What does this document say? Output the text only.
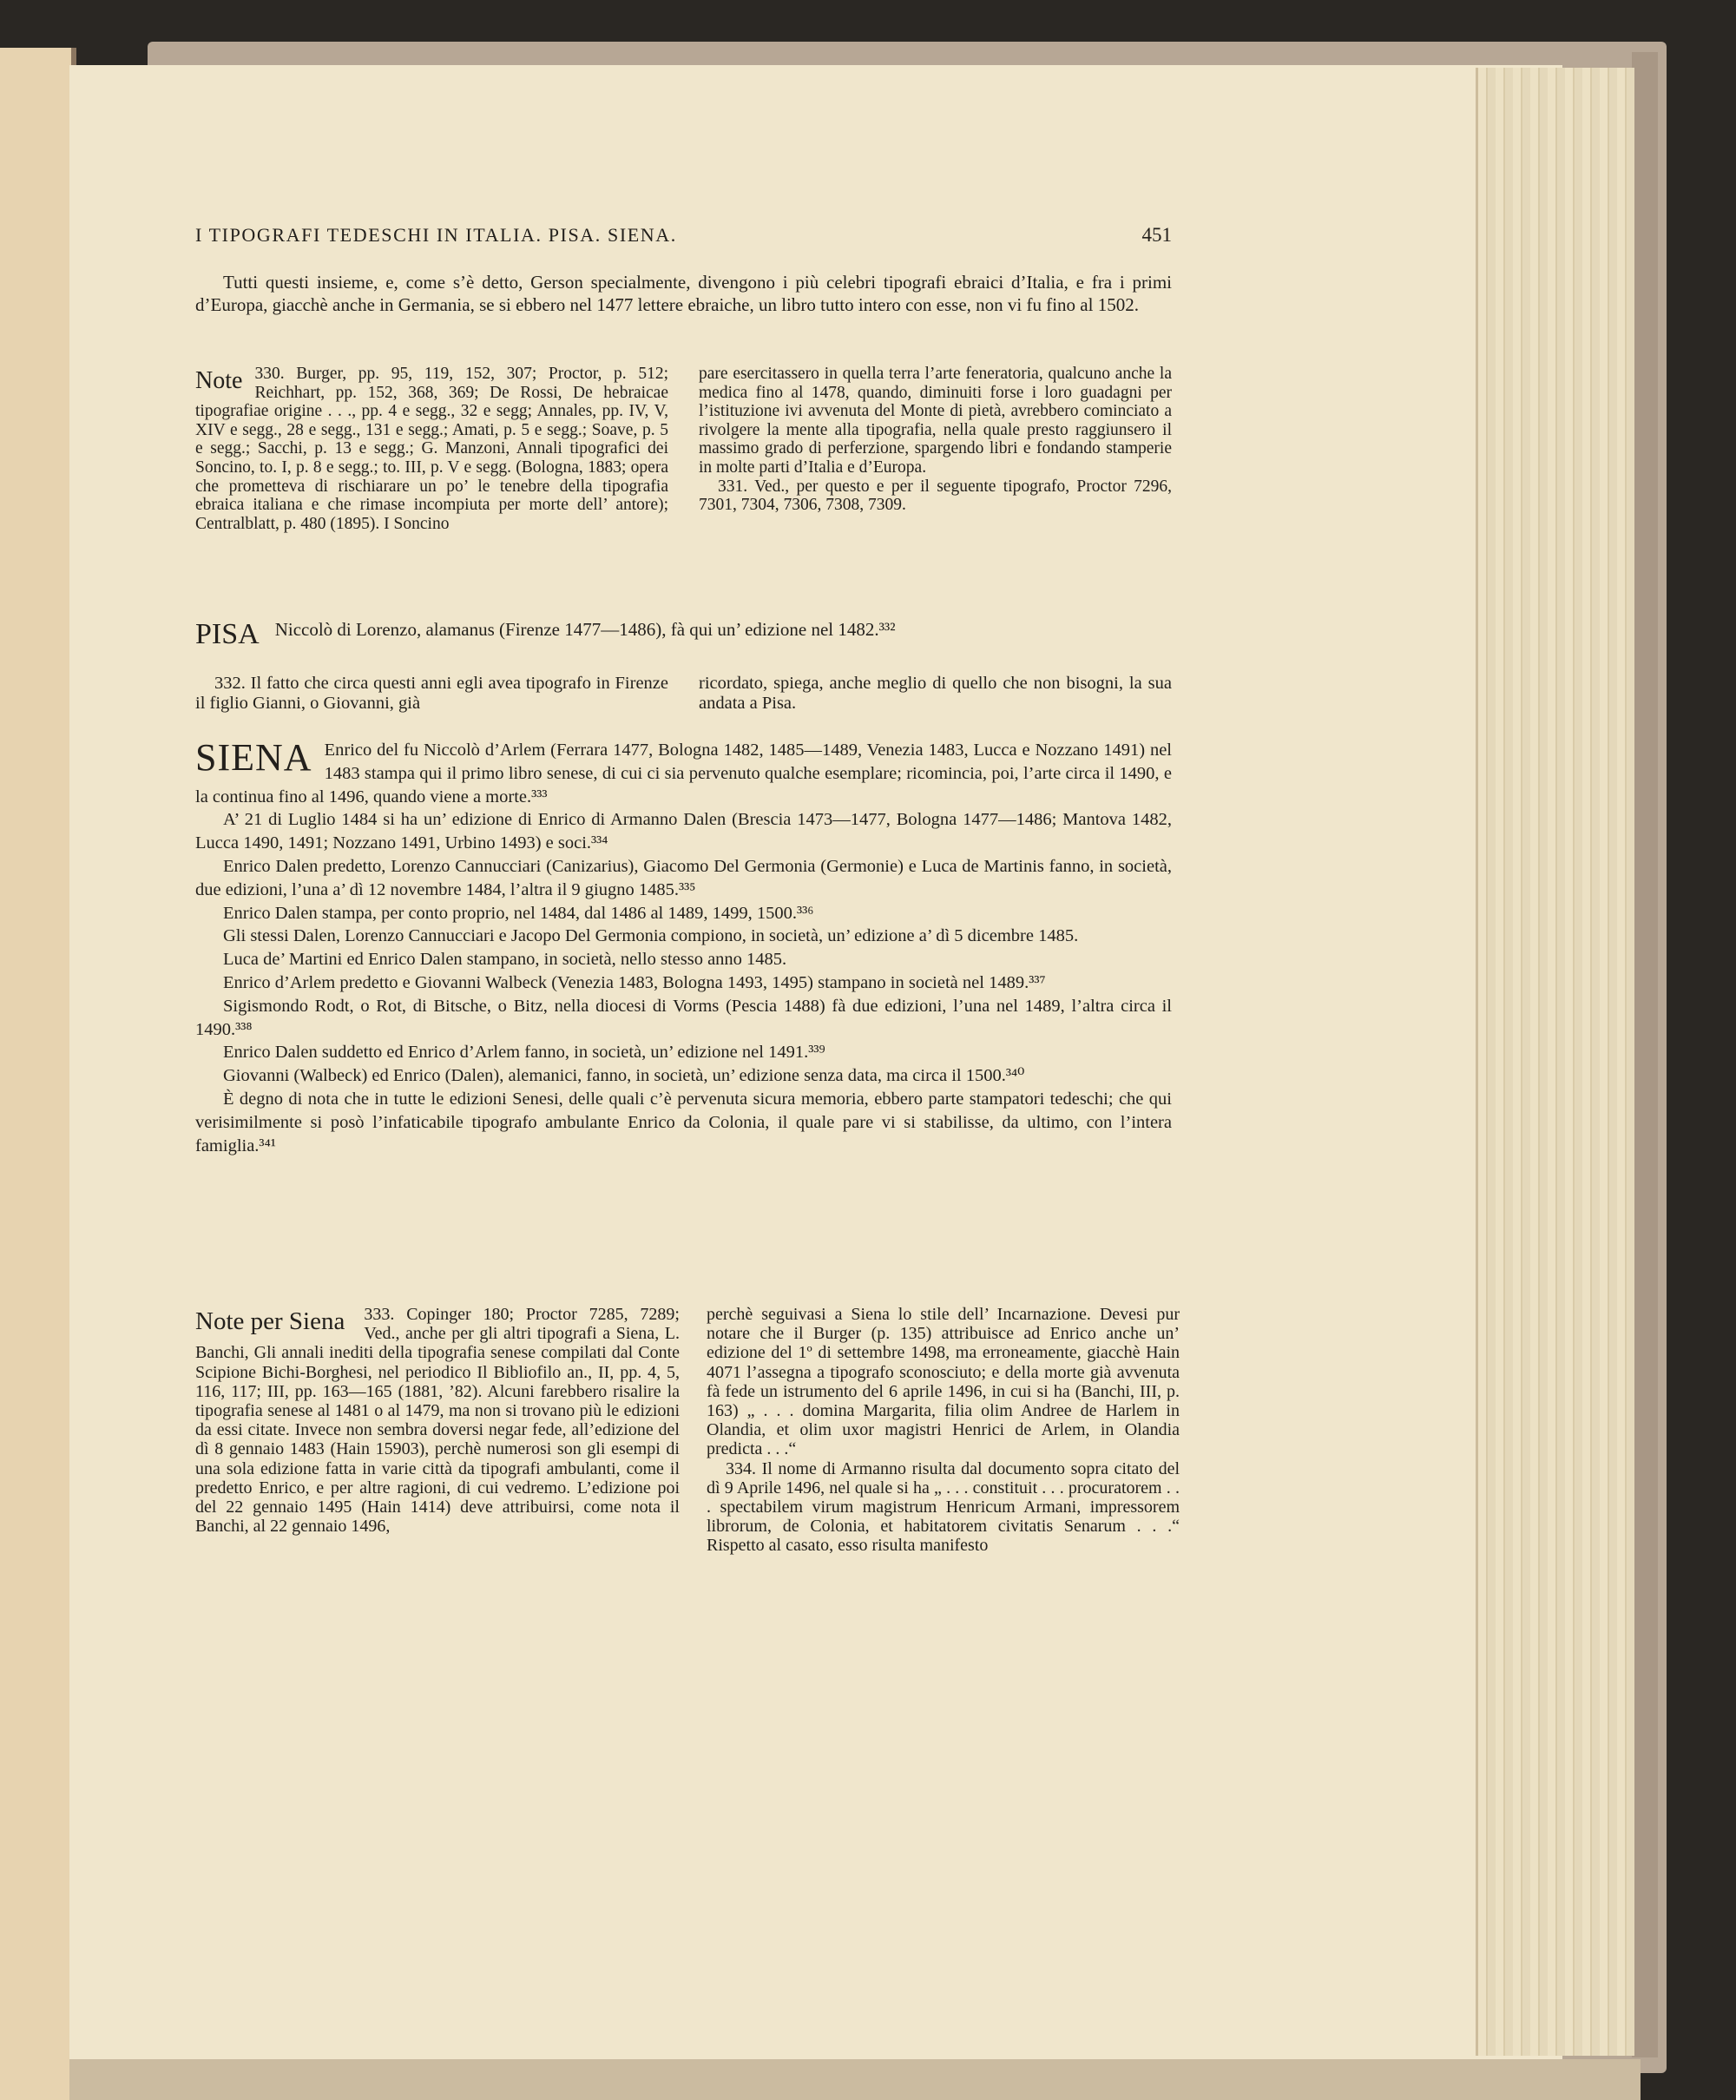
I TIPOGRAFI TEDESCHI IN ITALIA. PISA. SIENA.	451

Tutti questi insieme, e, come s’è detto, Gerson specialmente, divengono i più celebri tipografi ebraici d’Italia, e fra i primi d’Europa, giacchè anche in Germania, se si ebbero nel 1477 lettere ebraiche, un libro tutto intero con esse, non vi fu fino al 1502.

Note 330. Burger, pp. 95, 119, 152, 307; Proctor, p. 512; Reichhart, pp. 152, 368, 369; De Rossi, De hebraicae tipografiae origine . . ., pp. 4 e segg., 32 e segg; Annales, pp. IV, V, XIV e segg., 28 e segg., 131 e segg.; Amati, p. 5 e segg.; Soave, p. 5 e segg.; Sacchi, p. 13 e segg.; G. Manzoni, Annali tipografici dei Soncino, to. I, p. 8 e segg.; to. III, p. V e segg. (Bologna, 1883; opera che prometteva di rischiarare un po’ le tenebre della tipografia ebraica italiana e che rimase incompiuta per morte dell’ antore); Centralblatt, p. 480 (1895). I Soncino

pare esercitassero in quella terra l’arte feneratoria, qualcuno anche la medica fino al 1478, quando, diminuiti forse i loro guadagni per l’istituzione ivi avvenuta del Monte di pietà, avrebbero cominciato a rivolgere la mente alla tipografia, nella quale presto raggiunsero il massimo grado di perferzione, spargendo libri e fondando stamperie in molte parti d’Italia e d’Europa.

331. Ved., per questo e per il seguente tipografo, Proctor 7296, 7301, 7304, 7306, 7308, 7309.

PISA Niccolò di Lorenzo, alamanus (Firenze 1477—1486), fà qui un’ edizione nel 1482.³³²

332. Il fatto che circa questi anni egli avea tipografo in Firenze il figlio Gianni, o Giovanni, già

ricordato, spiega, anche meglio di quello che non bisogni, la sua andata a Pisa.

SIENA Enrico del fu Niccolò d’Arlem (Ferrara 1477, Bologna 1482, 1485—1489, Venezia 1483, Lucca e Nozzano 1491) nel 1483 stampa qui il primo libro senese, di cui ci sia pervenuto qualche esemplare; ricomincia, poi, l’arte circa il 1490, e la continua fino al 1496, quando viene a morte.³³³

A’ 21 di Luglio 1484 si ha un’ edizione di Enrico di Armanno Dalen (Brescia 1473—1477, Bologna 1477—1486; Mantova 1482, Lucca 1490, 1491; Nozzano 1491, Urbino 1493) e soci.³³⁴

Enrico Dalen predetto, Lorenzo Cannucciari (Canizarius), Giacomo Del Germonia (Germonie) e Luca de Martinis fanno, in società, due edizioni, l’una a’ dì 12 novembre 1484, l’altra il 9 giugno 1485.³³⁵

Enrico Dalen stampa, per conto proprio, nel 1484, dal 1486 al 1489, 1499, 1500.³³⁶

Gli stessi Dalen, Lorenzo Cannucciari e Jacopo Del Germonia compiono, in società, un’ edizione a’ dì 5 dicembre 1485.

Luca de’ Martini ed Enrico Dalen stampano, in società, nello stesso anno 1485.

Enrico d’Arlem predetto e Giovanni Walbeck (Venezia 1483, Bologna 1493, 1495) stampano in società nel 1489.³³⁷

Sigismondo Rodt, o Rot, di Bitsche, o Bitz, nella diocesi di Vorms (Pescia 1488) fà due edizioni, l’una nel 1489, l’altra circa il 1490.³³⁸

Enrico Dalen suddetto ed Enrico d’Arlem fanno, in società, un’ edizione nel 1491.³³⁹

Giovanni (Walbeck) ed Enrico (Dalen), alemanici, fanno, in società, un’ edizione senza data, ma circa il 1500.³⁴⁰

È degno di nota che in tutte le edizioni Senesi, delle quali c’è pervenuta sicura memoria, ebbero parte stampatori tedeschi; che qui verisimilmente si posò l’infaticabile tipografo ambulante Enrico da Colonia, il quale pare vi si stabilisse, da ultimo, con l’intera famiglia.³⁴¹

Note per Siena 333. Copinger 180; Proctor 7285, 7289; Ved., anche per gli altri tipografi a Siena, L. Banchi, Gli annali inediti della tipografia senese compilati dal Conte Scipione Bichi-Borghesi, nel periodico Il Bibliofilo an., II, pp. 4, 5, 116, 117; III, pp. 163—165 (1881, ’82). Alcuni farebbero risalire la tipografia senese al 1481 o al 1479, ma non si trovano più le edizioni da essi citate. Invece non sembra doversi negar fede, all’edizione del dì 8 gennaio 1483 (Hain 15903), perchè numerosi son gli esempi di una sola edizione fatta in varie città da tipografi ambulanti, come il predetto Enrico, e per altre ragioni, di cui vedremo. L’edizione poi del 22 gennaio 1495 (Hain 1414) deve attribuirsi, come nota il Banchi, al 22 gennaio 1496,

perchè seguivasi a Siena lo stile dell’ Incarnazione. Devesi pur notare che il Burger (p. 135) attribuisce ad Enrico anche un’ edizione del 1º di settembre 1498, ma erroneamente, giacchè Hain 4071 l’assegna a tipografo sconosciuto; e della morte già avvenuta fà fede un istrumento del 6 aprile 1496, in cui si ha (Banchi, III, p. 163) „ . . . domina Margarita, filia olim Andree de Harlem in Olandia, et olim uxor magistri Henrici de Arlem, in Olandia predicta . . .“

334. Il nome di Armanno risulta dal documento sopra citato del dì 9 Aprile 1496, nel quale si ha „ . . . constituit . . . procuratorem . . . spectabilem virum magistrum Henricum Armani, impressorem librorum, de Colonia, et habitatorem civitatis Senarum . . .“ Rispetto al casato, esso risulta manifesto
